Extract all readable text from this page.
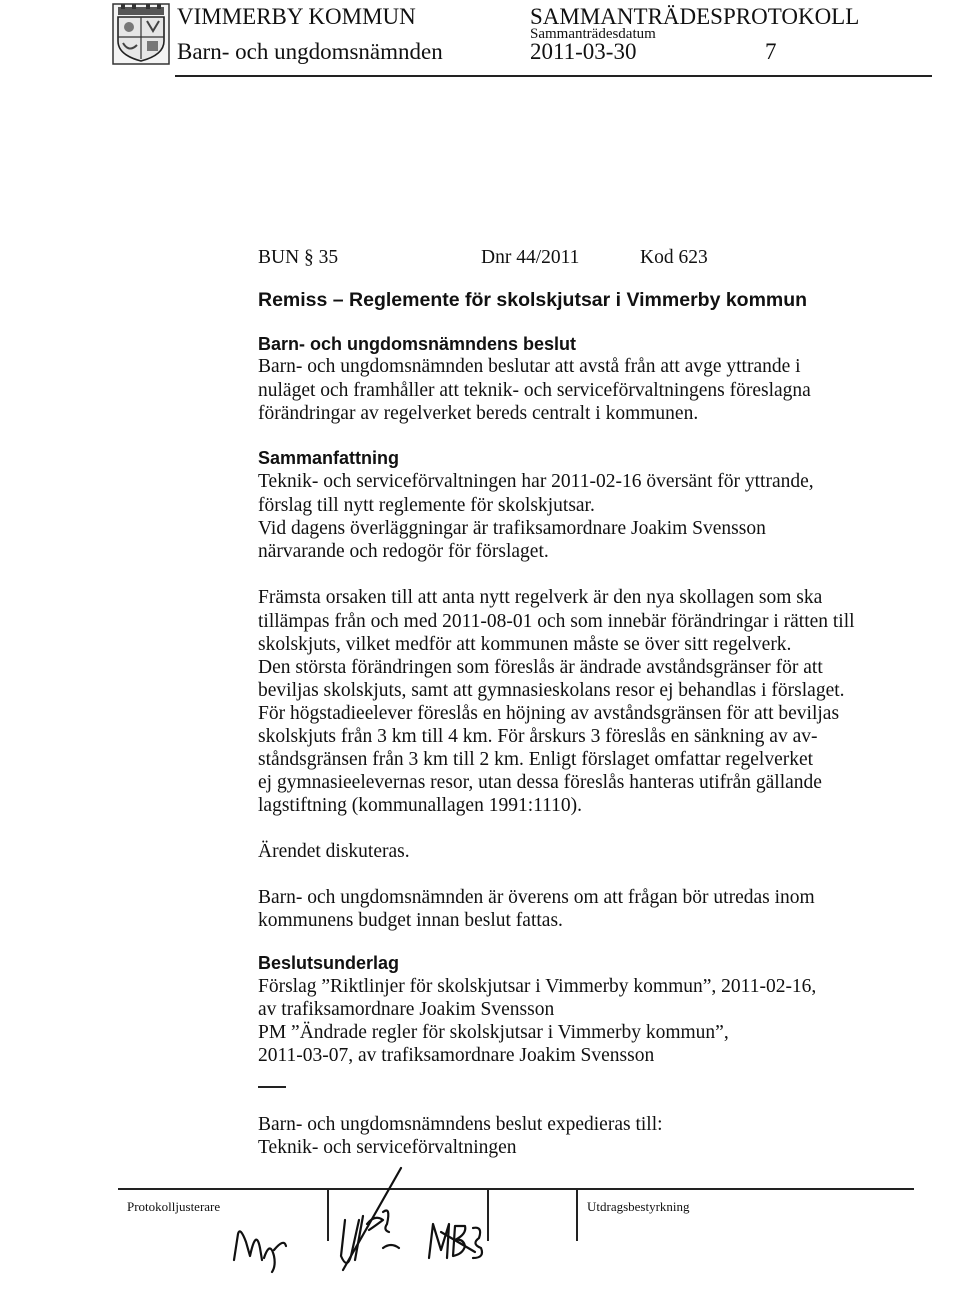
VIMMERBY KOMMUN
Barn- och ungdomsnämnden
SAMMANTRÄDESPROTOKOLL
Sammanträdesdatum
2011-03-30	7
BUN § 35	Dnr 44/2011	Kod 623
Remiss – Reglemente för skolskjutsar i Vimmerby kommun
Barn- och ungdomsnämndens beslut
Barn- och ungdomsnämnden beslutar att avstå från att avge yttrande i
nuläget och framhåller att teknik- och serviceförvaltningens föreslagna
förändringar av regelverket bereds centralt i kommunen.
Sammanfattning
Teknik- och serviceförvaltningen har 2011-02-16 översänt för yttrande,
förslag till nytt reglemente för skolskjutsar.
Vid dagens överläggningar är trafiksamordnare Joakim Svensson
närvarande och redogör för förslaget.
Främsta orsaken till att anta nytt regelverk är den nya skollagen som ska
tillämpas från och med 2011-08-01 och som innebär förändringar i rätten till
skolskjuts, vilket medför att kommunen måste se över sitt regelverk.
Den största förändringen som föreslås är ändrade avståndsgränser för att
beviljas skolskjuts, samt att gymnasieskolans resor ej behandlas i förslaget.
För högstadieelever föreslås en höjning av avståndsgränsen för att beviljas
skolskjuts från 3 km till 4 km. För årskurs 3 föreslås en sänkning av av-
ståndsgränsen från 3 km till 2 km. Enligt förslaget omfattar regelverket
ej gymnasieelevernas resor, utan dessa föreslås hanteras utifrån gällande
lagstiftning (kommunallagen 1991:1110).
Ärendet diskuteras.
Barn- och ungdomsnämnden är överens om att frågan bör utredas inom
kommunens budget innan beslut fattas.
Beslutsunderlag
Förslag ”Riktlinjer för skolskjutsar i Vimmerby kommun”, 2011-02-16,
av trafiksamordnare Joakim Svensson
PM ”Ändrade regler för skolskjutsar i Vimmerby kommun”,
2011-03-07, av trafiksamordnare Joakim Svensson
Barn- och ungdomsnämndens beslut expedieras till:
Teknik- och serviceförvaltningen
Protokolljusterare	Utdragsbestyrkning
